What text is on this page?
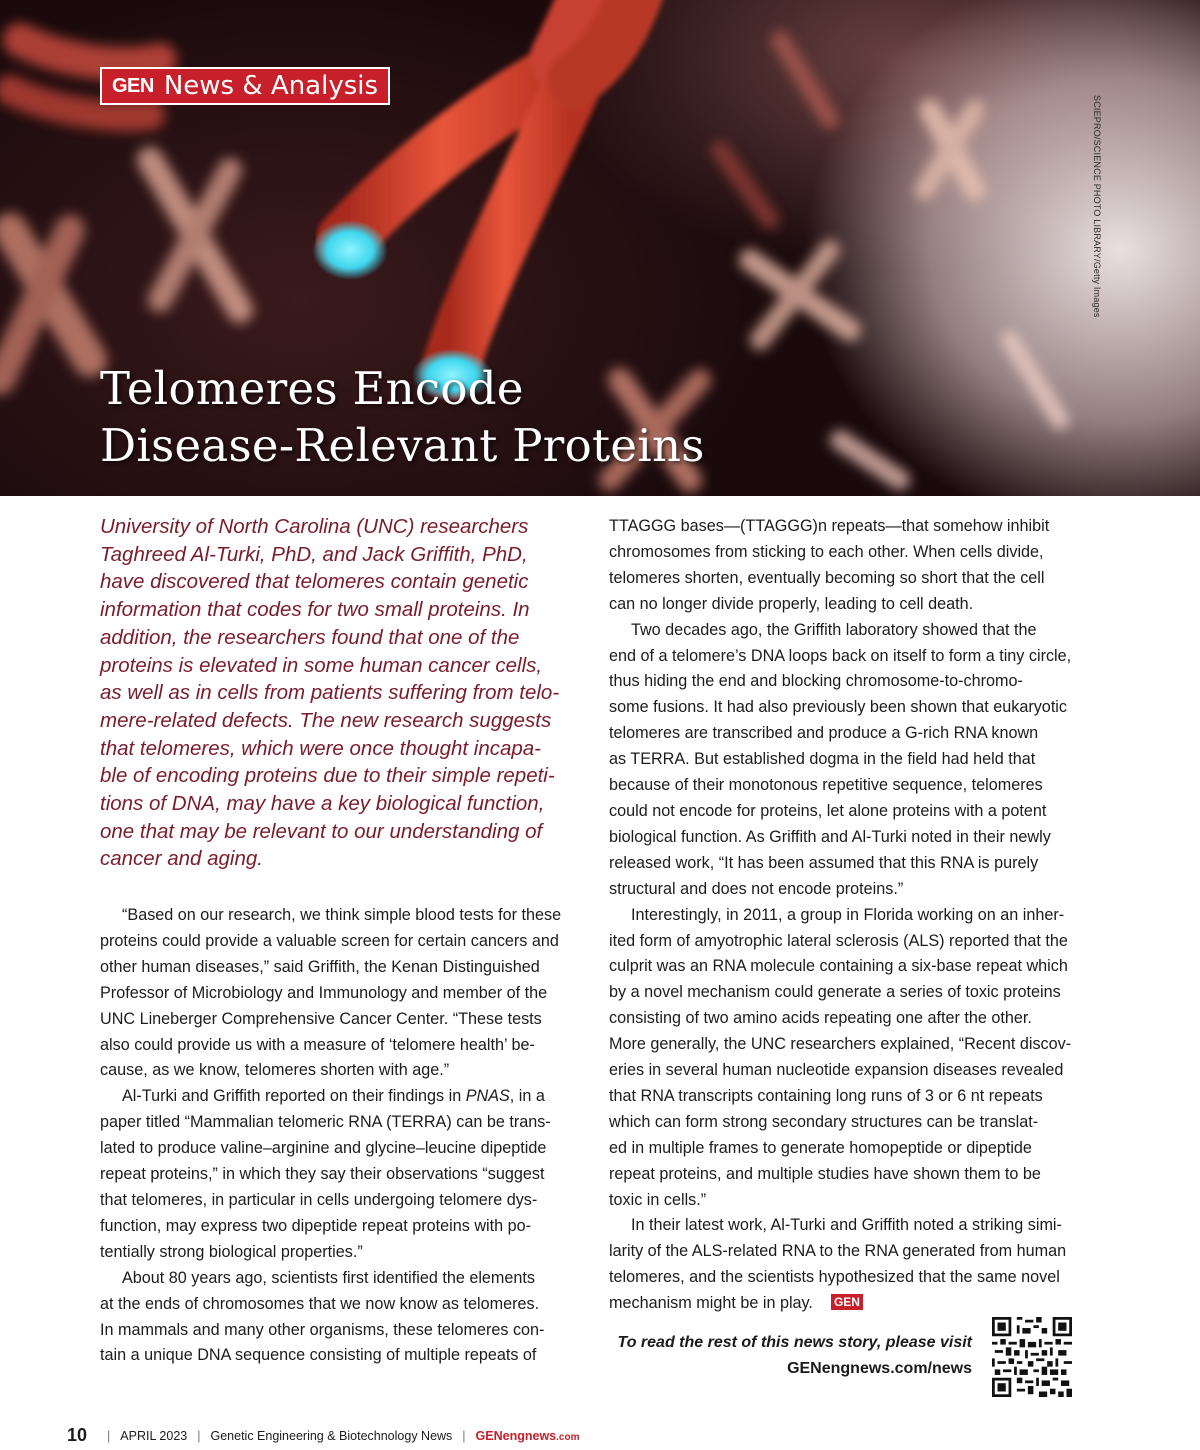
GEN News & Analysis
SCIEPRO/SCIENCE PHOTO LIBRARY/Getty Images
Telomeres Encode
Disease-Relevant Proteins
University of North Carolina (UNC) researchers
Taghreed Al-Turki, PhD, and Jack Griffith, PhD,
have discovered that telomeres contain genetic
information that codes for two small proteins. In
addition, the researchers found that one of the
proteins is elevated in some human cancer cells,
as well as in cells from patients suffering from telo-
mere-related defects. The new research suggests
that telomeres, which were once thought incapa-
ble of encoding proteins due to their simple repeti-
tions of DNA, may have a key biological function,
one that may be relevant to our understanding of
cancer and aging.
“Based on our research, we think simple blood tests for these
proteins could provide a valuable screen for certain cancers and
other human diseases,” said Griffith, the Kenan Distinguished
Professor of Microbiology and Immunology and member of the
UNC Lineberger Comprehensive Cancer Center. “These tests
also could provide us with a measure of ‘telomere health’ be-
cause, as we know, telomeres shorten with age.”
Al-Turki and Griffith reported on their findings in PNAS, in a
paper titled “Mammalian telomeric RNA (TERRA) can be trans-
lated to produce valine–arginine and glycine–leucine dipeptide
repeat proteins,” in which they say their observations “suggest
that telomeres, in particular in cells undergoing telomere dys-
function, may express two dipeptide repeat proteins with po-
tentially strong biological properties.”
About 80 years ago, scientists first identified the elements
at the ends of chromosomes that we now know as telomeres.
In mammals and many other organisms, these telomeres con-
tain a unique DNA sequence consisting of multiple repeats of
TTAGGG bases—(TTAGGG)n repeats—that somehow inhibit
chromosomes from sticking to each other. When cells divide,
telomeres shorten, eventually becoming so short that the cell
can no longer divide properly, leading to cell death.
Two decades ago, the Griffith laboratory showed that the
end of a telomere’s DNA loops back on itself to form a tiny circle,
thus hiding the end and blocking chromosome-to-chromo-
some fusions. It had also previously been shown that eukaryotic
telomeres are transcribed and produce a G-rich RNA known
as TERRA. But established dogma in the field had held that
because of their monotonous repetitive sequence, telomeres
could not encode for proteins, let alone proteins with a potent
biological function. As Griffith and Al-Turki noted in their newly
released work, “It has been assumed that this RNA is purely
structural and does not encode proteins.”
Interestingly, in 2011, a group in Florida working on an inher-
ited form of amyotrophic lateral sclerosis (ALS) reported that the
culprit was an RNA molecule containing a six-base repeat which
by a novel mechanism could generate a series of toxic proteins
consisting of two amino acids repeating one after the other.
More generally, the UNC researchers explained, “Recent discov-
eries in several human nucleotide expansion diseases revealed
that RNA transcripts containing long runs of 3 or 6 nt repeats
which can form strong secondary structures can be translat-
ed in multiple frames to generate homopeptide or dipeptide
repeat proteins, and multiple studies have shown them to be
toxic in cells.”
In their latest work, Al-Turki and Griffith noted a striking simi-
larity of the ALS-related RNA to the RNA generated from human
telomeres, and the scientists hypothesized that the same novel
mechanism might be in play. GEN
To read the rest of this news story, please visit
GENengnews.com/news
10 | APRIL 2023 | Genetic Engineering & Biotechnology News | GENengnews.com
